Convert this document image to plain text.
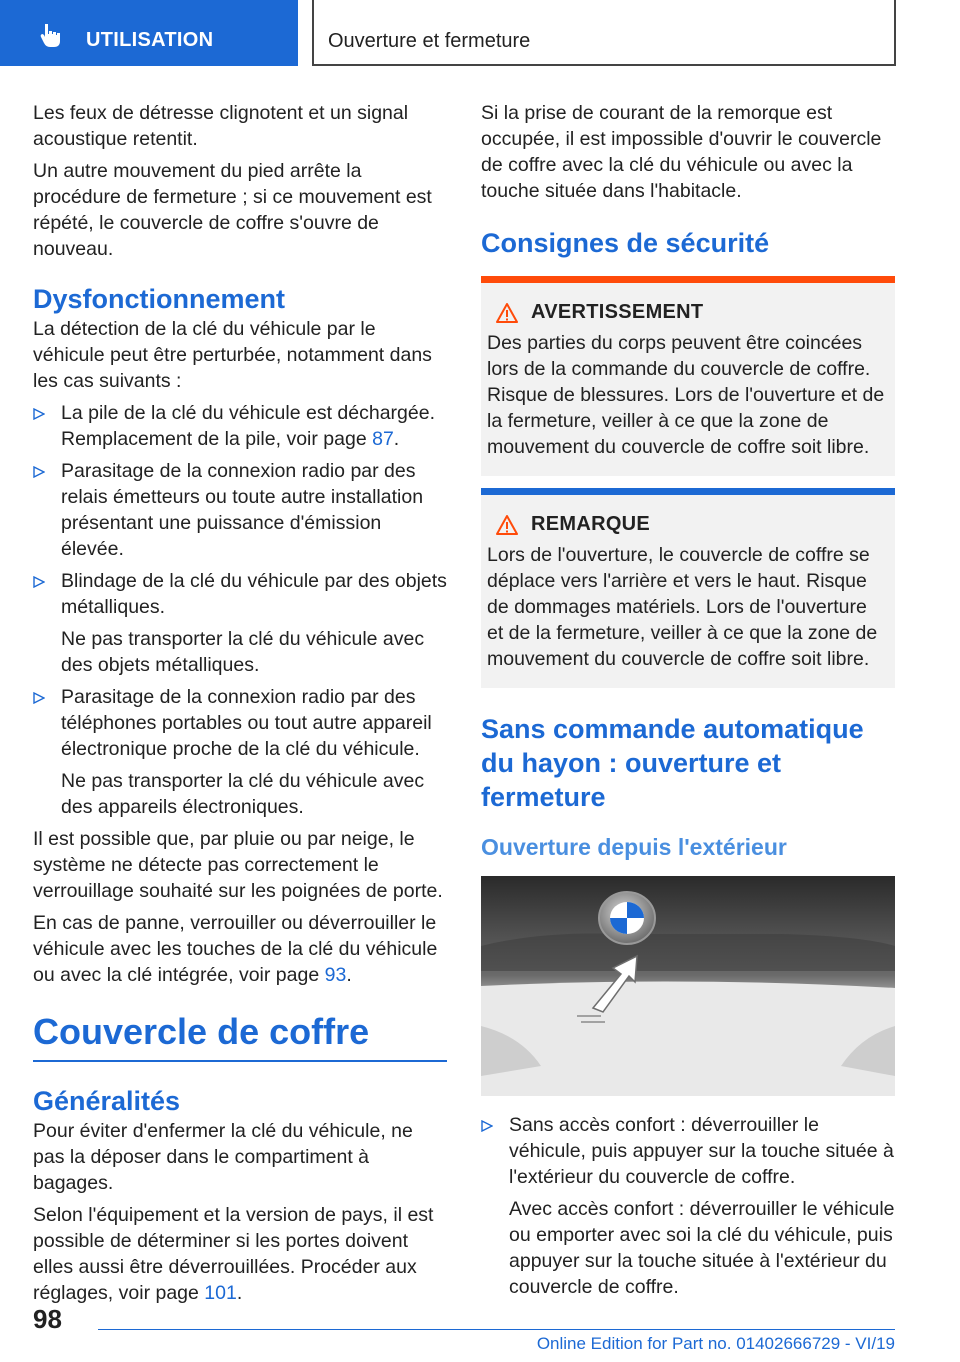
UTILISATION	Ouverture et fermeture

Les feux de détresse clignotent et un signal acoustique retentit.

Un autre mouvement du pied arrête la procédure de fermeture ; si ce mouvement est répété, le couvercle de coffre s'ouvre de nouveau.

Dysfonctionnement

La détection de la clé du véhicule par le véhicule peut être perturbée, notamment dans les cas suivants :

La pile de la clé du véhicule est déchargée. Remplacement de la pile, voir page 87.
Parasitage de la connexion radio par des relais émetteurs ou toute autre installation présentant une puissance d'émission élevée.
Blindage de la clé du véhicule par des objets métalliques.
Ne pas transporter la clé du véhicule avec des objets métalliques.
Parasitage de la connexion radio par des téléphones portables ou tout autre appareil électronique proche de la clé du véhicule.
Ne pas transporter la clé du véhicule avec des appareils électroniques.

Il est possible que, par pluie ou par neige, le système ne détecte pas correctement le verrouillage souhaité sur les poignées de porte.

En cas de panne, verrouiller ou déverrouiller le véhicule avec les touches de la clé du véhicule ou avec la clé intégrée, voir page 93.

Couvercle de coffre
Généralités

Pour éviter d'enfermer la clé du véhicule, ne pas la déposer dans le compartiment à bagages.

Selon l'équipement et la version de pays, il est possible de déterminer si les portes doivent elles aussi être déverrouillées. Procéder aux réglages, voir page 101.

Si la prise de courant de la remorque est occupée, il est impossible d'ouvrir le couvercle de coffre avec la clé du véhicule ou avec la touche située dans l'habitacle.

Consignes de sécurité
AVERTISSEMENT

Des parties du corps peuvent être coincées lors de la commande du couvercle de coffre. Risque de blessures. Lors de l'ouverture et de la fermeture, veiller à ce que la zone de mouvement du couvercle de coffre soit libre.

REMARQUE

Lors de l'ouverture, le couvercle de coffre se déplace vers l'arrière et vers le haut. Risque de dommages matériels. Lors de l'ouverture et de la fermeture, veiller à ce que la zone de mouvement du couvercle de coffre soit libre.

Sans commande automatique du hayon : ouverture et fermeture
Ouverture depuis l'extérieur
Sans accès confort : déverrouiller le véhicule, puis appuyer sur la touche située à l'extérieur du couvercle de coffre.
Avec accès confort : déverrouiller le véhicule ou emporter avec soi la clé du véhicule, puis appuyer sur la touche située à l'extérieur du couvercle de coffre.
98
Online Edition for Part no. 01402666729 - VI/19
